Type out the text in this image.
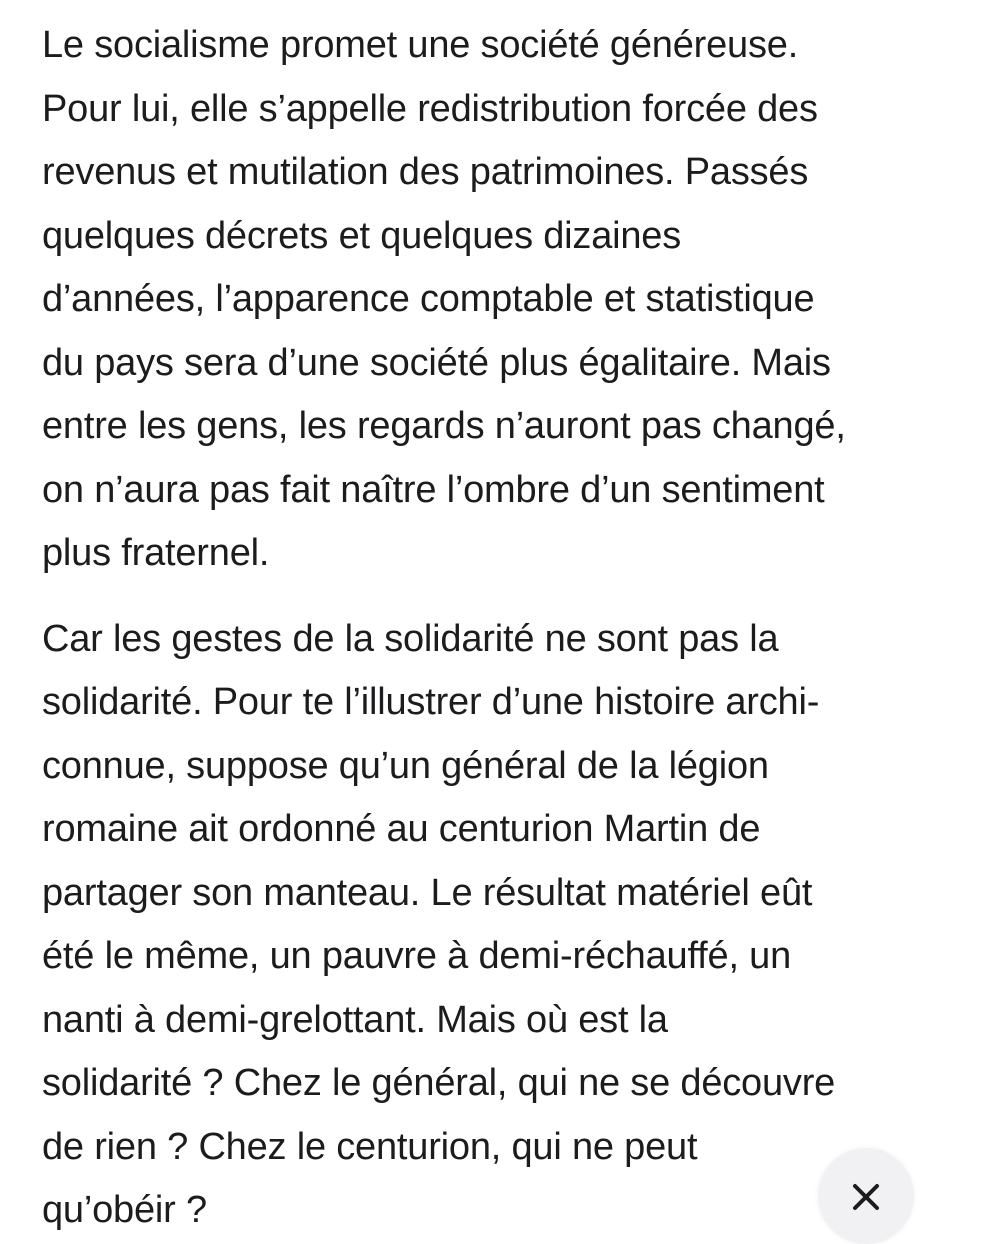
Le socialisme promet une société généreuse.
Pour lui, elle s’appelle redistribution forcée des
revenus et mutilation des patrimoines. Passés
quelques décrets et quelques dizaines
d’années, l’apparence comptable et statistique
du pays sera d’une société plus égalitaire. Mais
entre les gens, les regards n’auront pas changé,
on n’aura pas fait naître l’ombre d’un sentiment
plus fraternel.
Car les gestes de la solidarité ne sont pas la
solidarité. Pour te l’illustrer d’une histoire archi-
connue, suppose qu’un général de la légion
romaine ait ordonné au centurion Martin de
partager son manteau. Le résultat matériel eût
été le même, un pauvre à demi-réchauffé, un
nanti à demi-grelottant. Mais où est la
solidarité ? Chez le général, qui ne se découvre
de rien ? Chez le centurion, qui ne peut
qu’obéir ?
